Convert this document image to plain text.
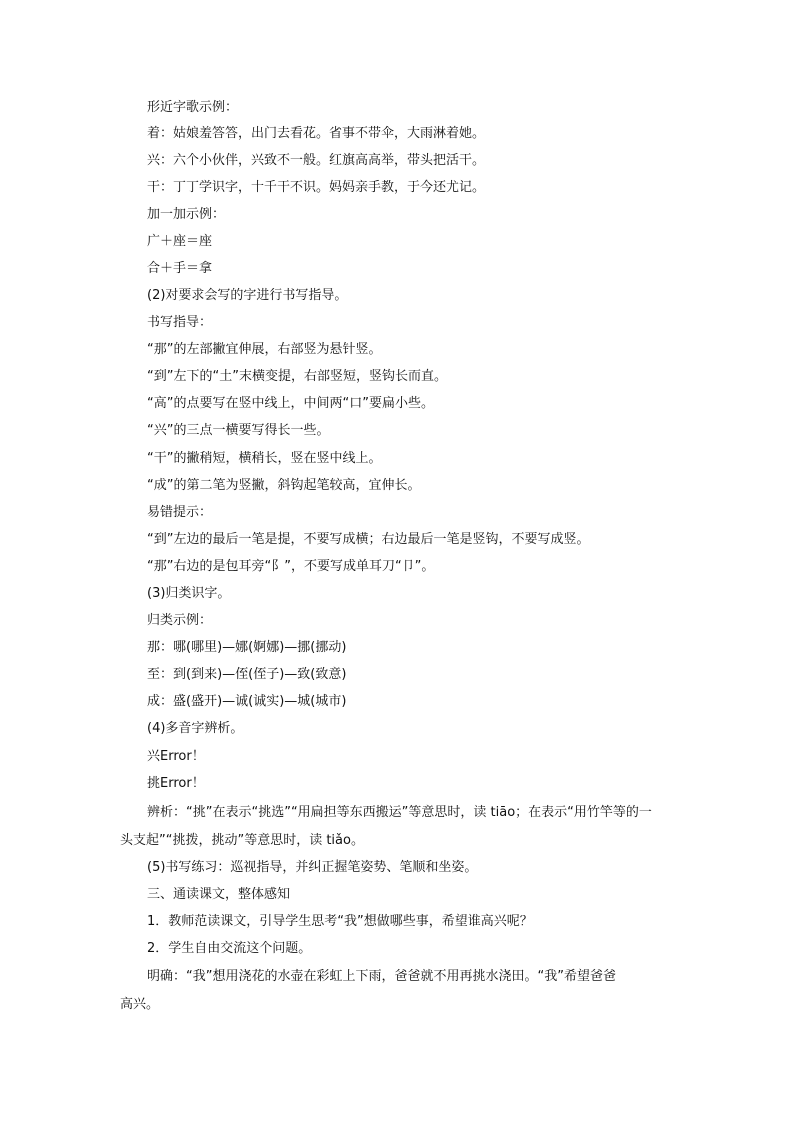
形近字歌示例：
着：姑娘羞答答，出门去看花。省事不带伞，大雨淋着她。
兴：六个小伙伴，兴致不一般。红旗高高举，带头把活干。
干：丁丁学识字，十千干不识。妈妈亲手教，于今还尤记。
加一加示例：
广＋座＝座
合＋手＝拿
(2)对要求会写的字进行书写指导。
书写指导：
“那”的左部撇宜伸展，右部竖为悬针竖。
“到”左下的“土”末横变提，右部竖短，竖钩长而直。
“高”的点要写在竖中线上，中间两“口”要扁小些。
“兴”的三点一横要写得长一些。
“干”的撇稍短，横稍长，竖在竖中线上。
“成”的第二笔为竖撇，斜钩起笔较高，宜伸长。
易错提示：
“到”左边的最后一笔是提，不要写成横；右边最后一笔是竖钩，不要写成竖。
“那”右边的是包耳旁“阝”，不要写成单耳刀“卩”。
(3)归类识字。
归类示例：
那：哪(哪里)—娜(婀娜)—挪(挪动)
至：到(到来)—侄(侄子)—致(致意)
成：盛(盛开)—诚(诚实)—城(城市)
(4)多音字辨析。
兴Error！
挑Error！
辨析：“挑”在表示“挑选”“用扁担等东西搬运”等意思时，读 tiāo；在表示“用竹竿等的一
头支起”“挑拨，挑动”等意思时，读 tiǎo。
(5)书写练习：巡视指导，并纠正握笔姿势、笔顺和坐姿。
三、通读课文，整体感知
1．教师范读课文，引导学生思考“我”想做哪些事，希望谁高兴呢？
2．学生自由交流这个问题。
明确：“我”想用浇花的水壶在彩虹上下雨，爸爸就不用再挑水浇田。“我”希望爸爸
高兴。
